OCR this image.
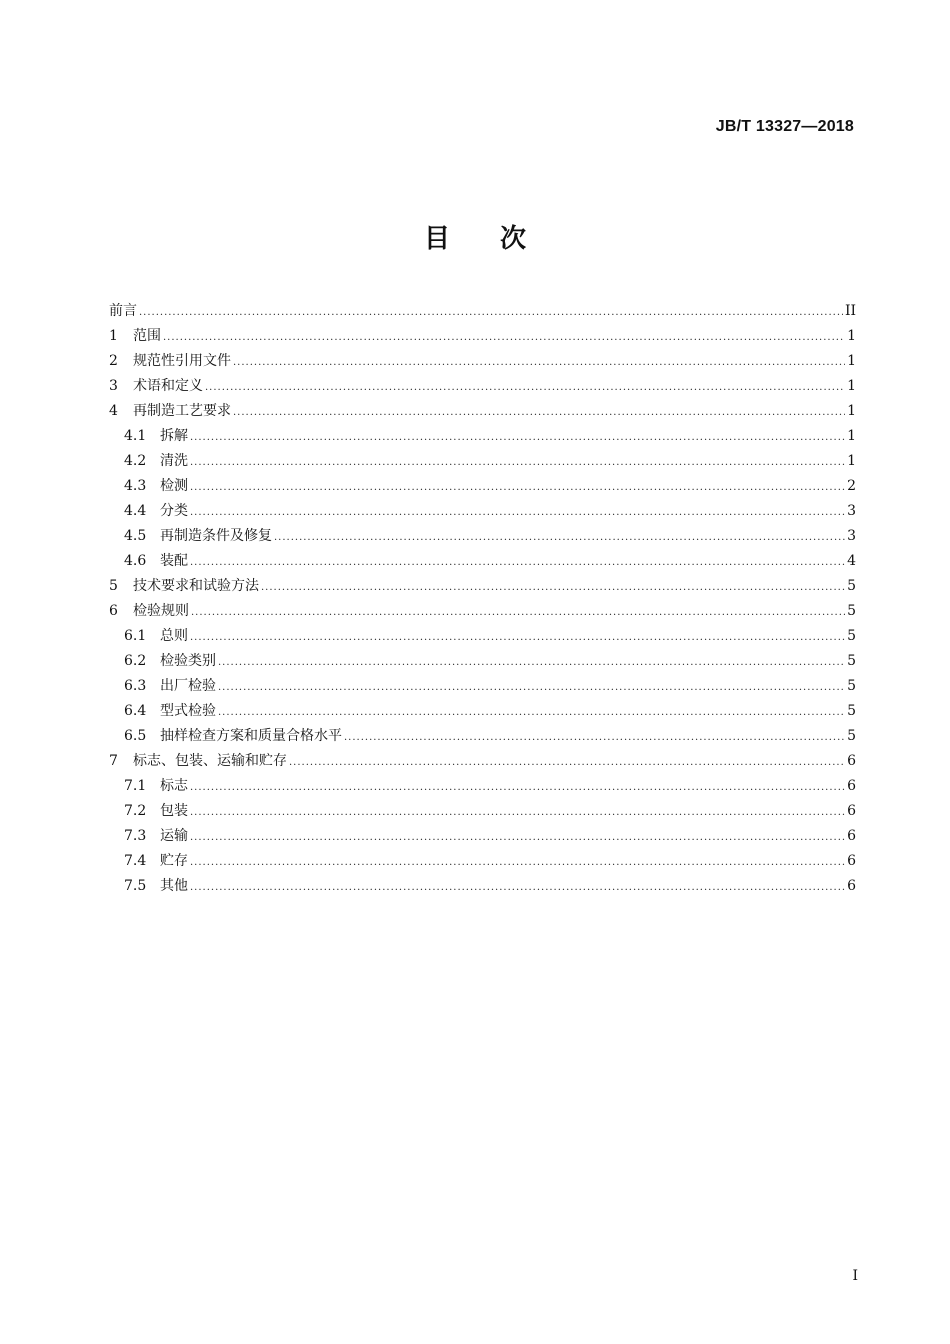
JB/T 13327—2018
目次
前言 .....	II
1	范围 .....	1
2	规范性引用文件 .....	1
3	术语和定义 .....	1
4	再制造工艺要求 .....	1
4.1 拆解 .....	1
4.2 清洗 .....	1
4.3 检测 .....	2
4.4 分类 .....	3
4.5 再制造条件及修复 .....	3
4.6 装配 .....	4
5	技术要求和试验方法 .....	5
6	检验规则 .....	5
6.1 总则 .....	5
6.2 检验类别 .....	5
6.3 出厂检验 .....	5
6.4 型式检验 .....	5
6.5 抽样检查方案和质量合格水平 .....	5
7	标志、包装、运输和贮存 .....	6
7.1 标志 .....	6
7.2 包装 .....	6
7.3 运输 .....	6
7.4 贮存 .....	6
7.5 其他 .....	6
I
